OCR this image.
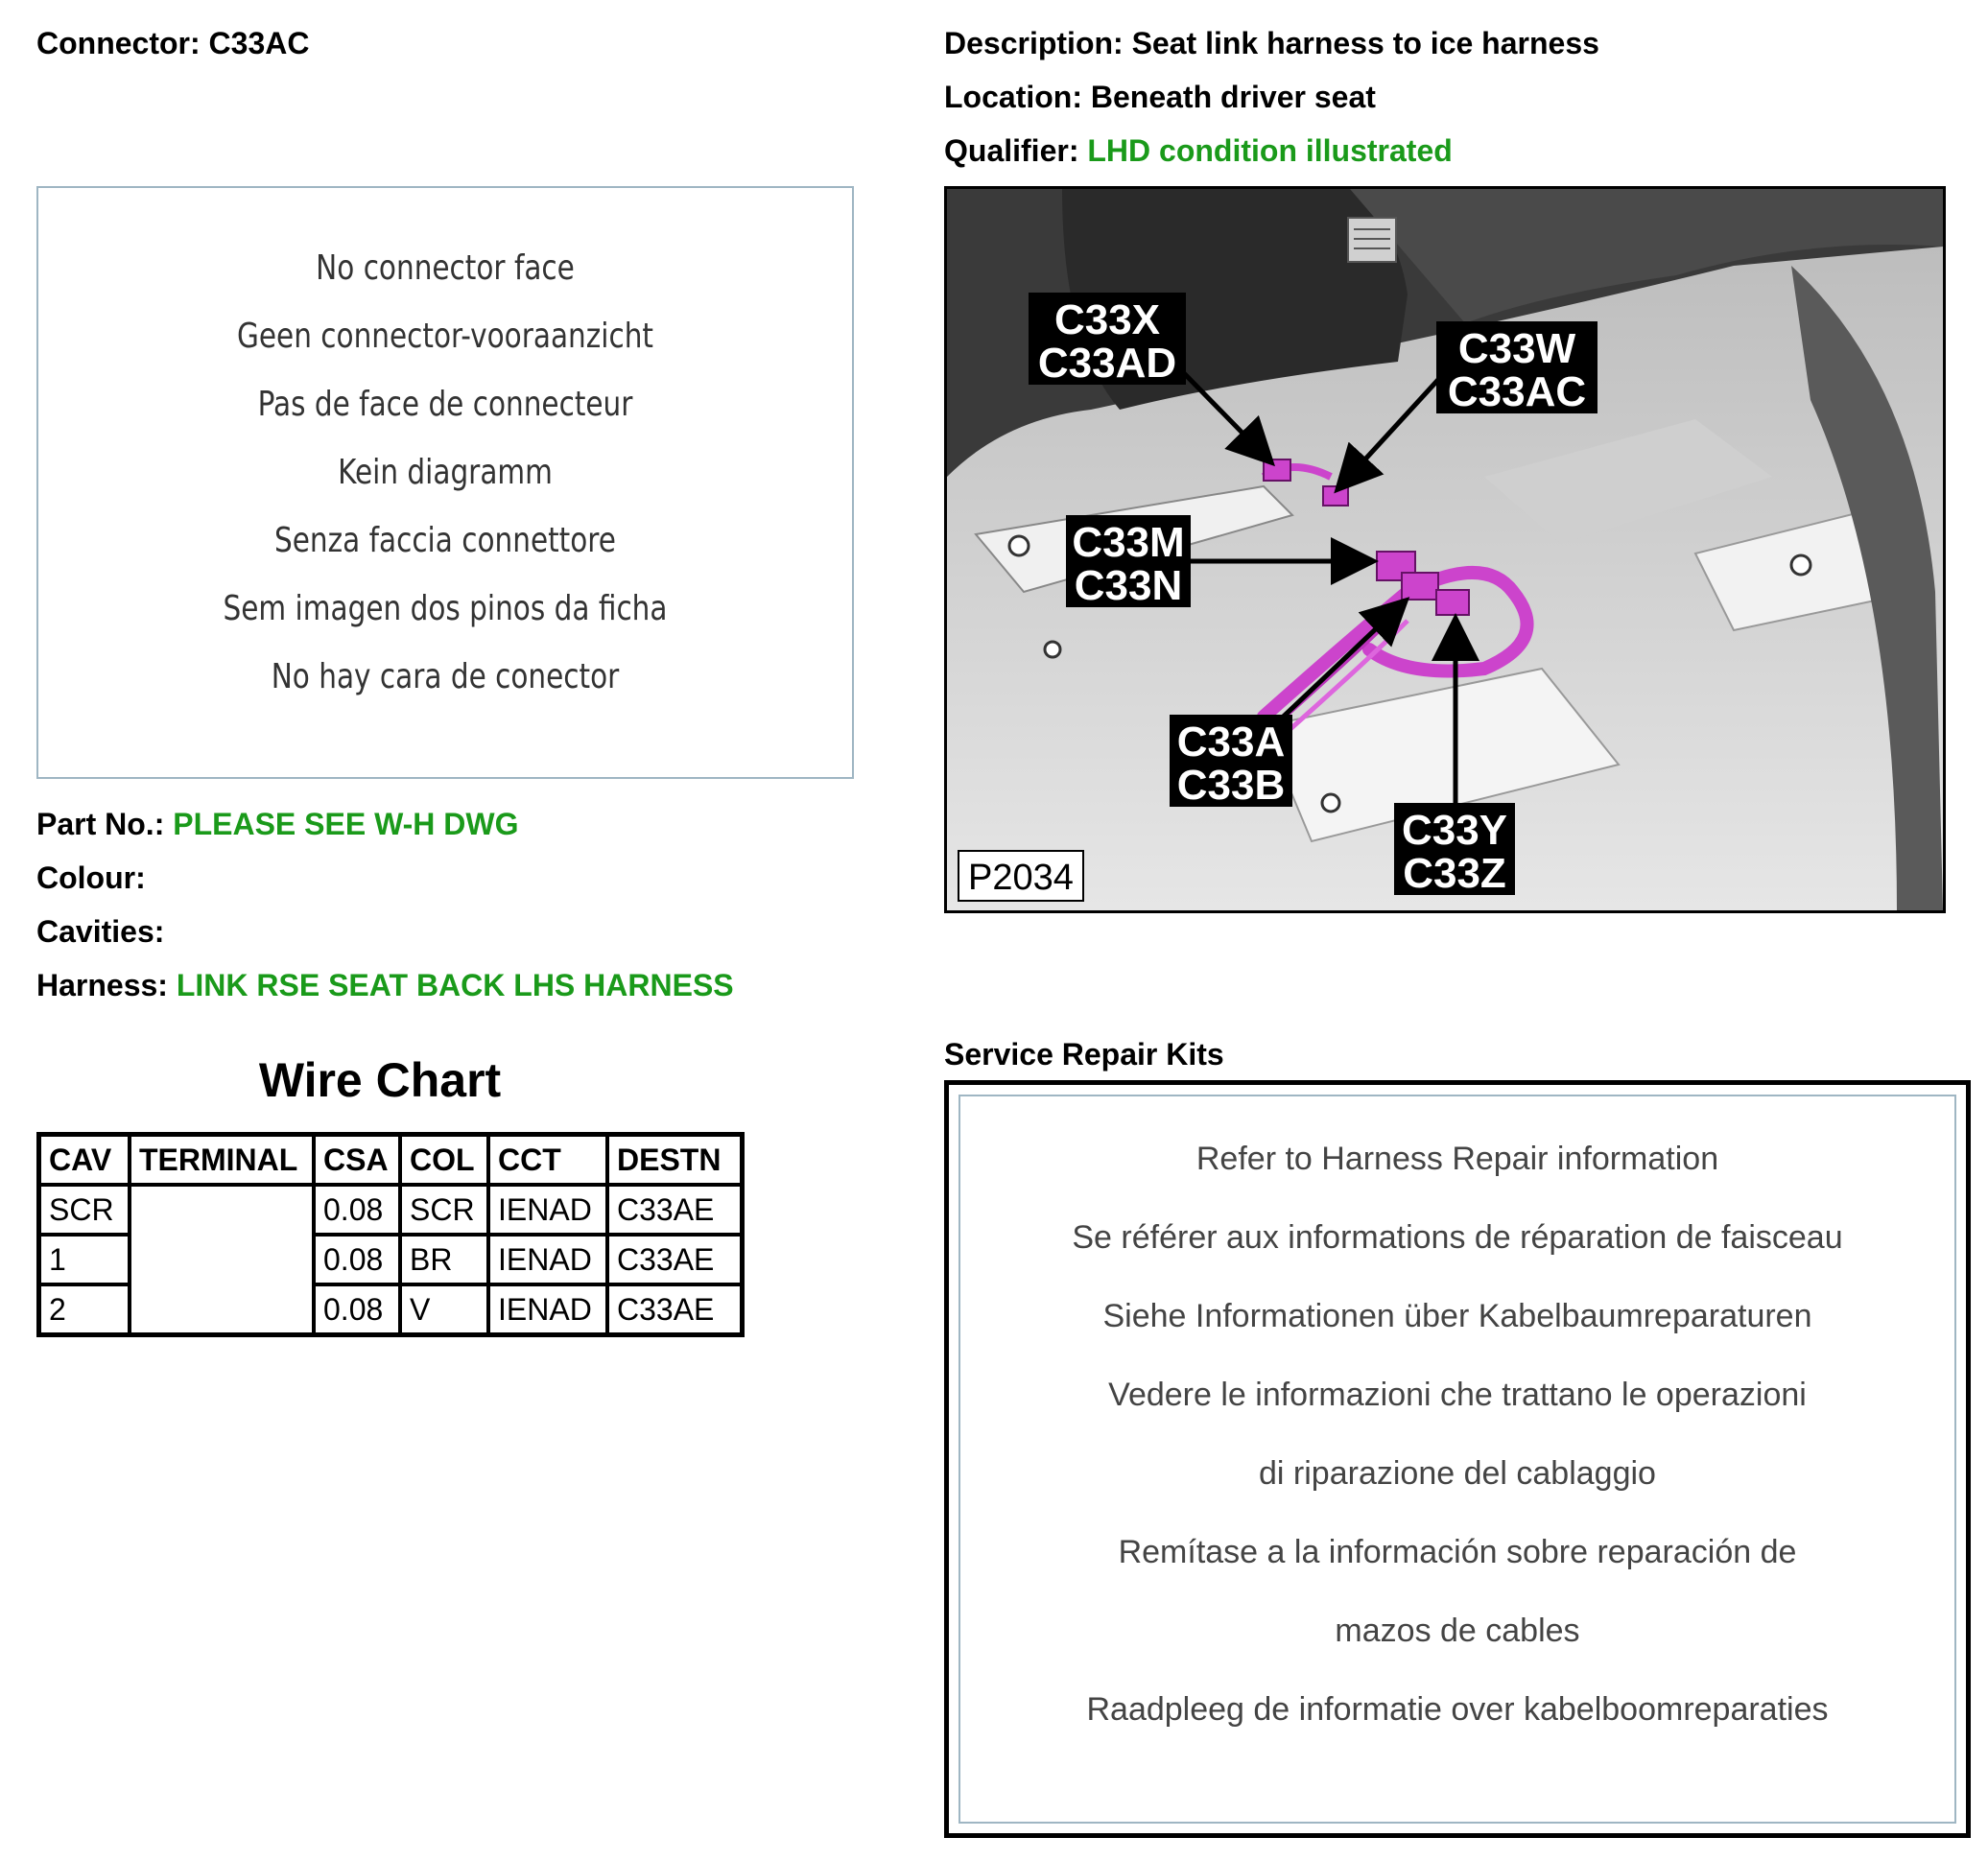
Connector: C33AC	Description: Seat link harness to ice harness
Location: Beneath driver seat
Qualifier: LHD condition illustrated
No connector face
Geen connector-vooraanzicht
Pas de face de connecteur
Kein diagramm
Senza faccia connettore
Sem imagen dos pinos da ficha
No hay cara de conector
C33X
C33AD	C33W
C33AC
C33M
C33N
C33A
C33B
C33Y
C33Z
P2034
Part No.: PLEASE SEE W-H DWG
Colour:
Cavities:
Harness: LINK RSE SEAT BACK LHS HARNESS
Wire Chart
CAV	TERMINAL	CSA	COL	CCT	DESTN
SCR		0.08	SCR	IENAD	C33AE
1		0.08	BR	IENAD	C33AE
2		0.08	V	IENAD	C33AE
Service Repair Kits
Refer to Harness Repair information
Se référer aux informations de réparation de faisceau
Siehe Informationen über Kabelbaumreparaturen
Vedere le informazioni che trattano le operazioni
di riparazione del cablaggio
Remítase a la información sobre reparación de
mazos de cables
Raadpleeg de informatie over kabelboomreparaties
